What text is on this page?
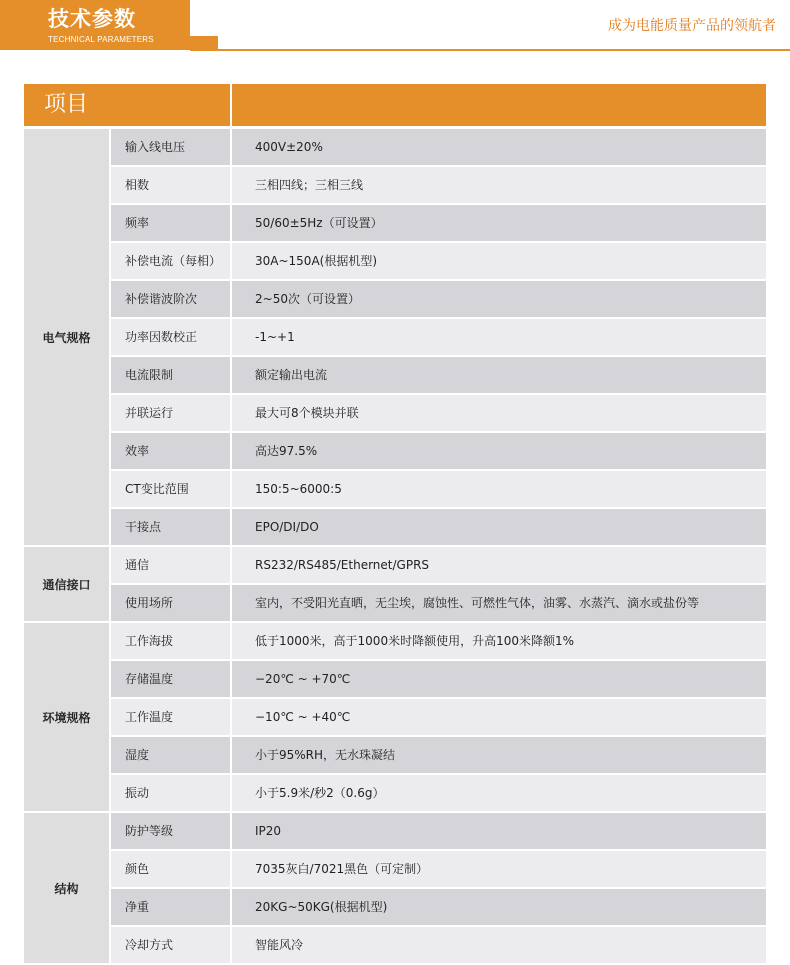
技术参数
TECHNICAL PARAMETERS
成为电能质量产品的领航者
项目
电气规格
输入线电压	400V±20%
相数	三相四线；三相三线
频率	50/60±5Hz（可设置）
补偿电流（每相）	30A~150A(根据机型)
补偿谐波阶次	2~50次（可设置）
功率因数校正	-1~+1
电流限制	额定输出电流
并联运行	最大可8个模块并联
效率	高达97.5%
CT变比范围	150:5~6000:5
干接点	EPO/DI/DO
通信接口
通信	RS232/RS485/Ethernet/GPRS
使用场所	室内，不受阳光直晒，无尘埃，腐蚀性、可燃性气体，油雾、水蒸汽、滴水或盐份等
环境规格
工作海拔	低于1000米，高于1000米时降额使用，升高100米降额1%
存储温度	−20℃ ~ +70℃
工作温度	−10℃ ~ +40℃
湿度	小于95%RH，无水珠凝结
振动	小于5.9米/秒2（0.6g）
结构
防护等级	IP20
颜色	7035灰白/7021黑色（可定制）
净重	20KG~50KG(根据机型)
冷却方式	智能风冷
